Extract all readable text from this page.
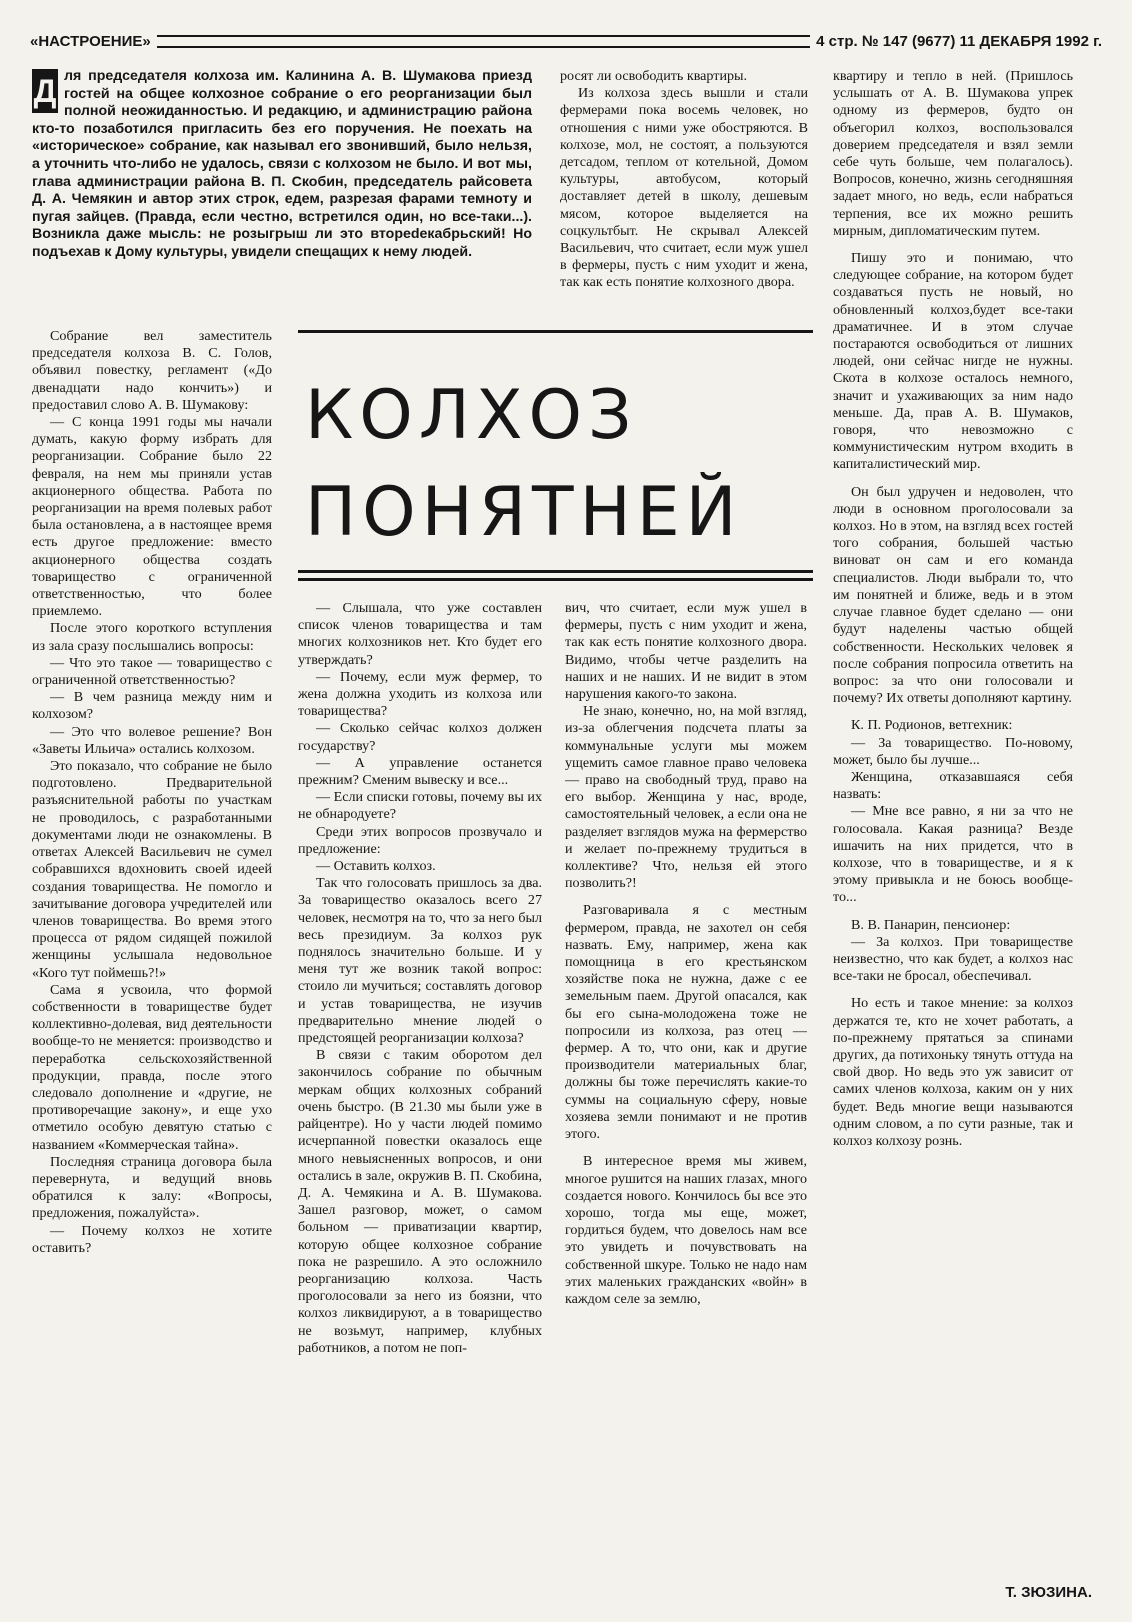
«НАСТРОЕНИЕ»	4 стр. № 147 (9677) 11 ДЕКАБРЯ 1992 г.
Д ля председателя колхоза им. Калинина А. В. Шумакова приезд гостей на общее колхозное собрание о его реорганизации был полной неожиданностью. И редакцию, и администрацию района кто-то позаботился пригласить без его поручения. Не поехать на «историческое» собрание, как называл его звонивший, было нельзя, а уточнить что-либо не удалось, связи с колхозом не было. И вот мы, глава администрации района В. П. Скобин, председатель райсовета Д. А. Чемякин и автор этих строк, едем, разрезая фарами темноту и пугая зайцев. (Правда, если честно, встретился один, но все-таки...). Возникла даже мысль: не розыгрыш ли это вторedeкабрьский! Но подъехав к Дому культуры, увидели спещащих к нему людей.

росят ли освободить квартиры.

Из колхоза здесь вышли и стали фермерами пока восемь человек, но отношения с ними уже обостряются. В колхозе, мол, не состоят, а пользуются детсадом, теплом от котельной, Домом культуры, автобусом, который доставляет детей в школу, дешевым мясом, которое выделяется на соцкультбыт. Не скрывал Алексей Васильевич, что считает, если муж ушел в фермеры, пусть с ним уходит и жена, так как есть понятие колхозного двора.

КОЛХОЗ
ПОНЯТНЕЙ

Собрание вел заместитель председателя колхоза В. С. Голов, объявил повестку, регламент («До двенадцати надо кончить») и предоставил слово А. В. Шумакову:

— С конца 1991 годы мы начали думать, какую форму избрать для реорганизации. Собрание было 22 февраля, на нем мы приняли устав акционерного общества. Работа по реорганизации на время полевых работ была остановлена, а в настоящее время есть другое предложение: вместо акционерного общества создать товарищество с ограниченной ответственностью, что более приемлемо.

После этого короткого вступления из зала сразу послышались вопросы:

— Что это такое — товарищество с ограниченной ответственностью?

— В чем разница между ним и колхозом?

— Это что волевое решение? Вон «Заветы Ильича» остались колхозом.

Это показало, что собрание не было подготовлено. Предварительной разъяснительной работы по участкам не проводилось, с разработанными документами люди не ознакомлены. В ответах Алексей Васильевич не сумел собравшихся вдохновить своей идеей создания товарищества. Не помогло и зачитывание договора учредителей или членов товарищества. Во время этого процесса от рядом сидящей пожилой женщины услышала недовольное «Кого тут поймешь?!»

Сама я усвоила, что формой собственности в товариществе будет коллективно-долевая, вид деятельности вообще-то не меняется: производство и переработка сельскохозяйственной продукции, правда, после этого следовало дополнение и «другие, не противоречащие закону», и еще ухо отметило особую девятую статью с названием «Коммерческая тайна».

Последняя страница договора была перевернута, и ведущий вновь обратился к залу: «Вопросы, предложения, пожалуйста».

— Почему колхоз не хотите оставить?

— Слышала, что уже составлен список членов товарищества и там многих колхозников нет. Кто будет его утверждать?

— Почему, если муж фермер, то жена должна уходить из колхоза или товарищества?

— Сколько сейчас колхоз должен государству?

— А управление останется прежним? Сменим вывеску и все...

— Если списки готовы, почему вы их не обнародуете?

Среди этих вопросов прозвучало и предложение:

— Оставить колхоз.

Так что голосовать пришлось за два. За товарищество оказалось всего 27 человек, несмотря на то, что за него был весь президиум. За колхоз рук поднялось значительно больше. И у меня тут же возник такой вопрос: стоило ли мучиться; составлять договор и устав товарищества, не изучив предварительно мнение людей о предстоящей реорганизации колхоза?

В связи с таким оборотом дел закончилось собрание по обычным меркам общих колхозных собраний очень быстро. (В 21.30 мы были уже в райцентре). Но у части людей помимо исчерпанной повестки оказалось еще много невыясненных вопросов, и они остались в зале, окружив В. П. Скобина, Д. А. Чемякина и А. В. Шумакова. Зашел разговор, может, о самом больном — приватизации квартир, которую общее колхозное собрание пока не разрешило. А это осложнило реорганизацию колхоза. Часть проголосовали за него из боязни, что колхоз ликвидируют, а в товарищество не возьмут, например, клубных работников, а потом не поп-

вич, что считает, если муж ушел в фермеры, пусть с ним уходит и жена, так как есть понятие колхозного двора. Видимо, чтобы четче разделить на наших и не наших. И не видит в этом нарушения какого-то закона.

Не знаю, конечно, но, на мой взгляд, из-за облегчения подсчета платы за коммунальные услуги мы можем ущемить самое главное право человека — право на свободный труд, право на его выбор. Женщина у нас, вроде, самостоятельный человек, а если она не разделяет взглядов мужа на фермерство и желает по-прежнему трудиться в коллективе? Что, нельзя ей этого позволить?!

Разговаривала я с местным фермером, правда, не захотел он себя назвать. Ему, например, жена как помощница в его крестьянском хозяйстве пока не нужна, даже с ее земельным паем. Другой опасался, как бы его сына-молодожена тоже не попросили из колхоза, раз отец — фермер. А то, что они, как и другие производители материальных благ, должны бы тоже перечислять какие-то суммы на социальную сферу, новые хозяева земли понимают и не против этого.

В интересное время мы живем, многое рушится на наших глазах, много создается нового. Кончилось бы все это хорошо, тогда мы еще, может, гордиться будем, что довелось нам все это увидеть и почувствовать на собственной шкуре. Только не надо нам этих маленьких гражданских «войн» в каждом селе за землю,

квартиру и тепло в ней. (Пришлось услышать от А. В. Шумакова упрек одному из фермеров, будто он объегорил колхоз, воспользовался доверием председателя и взял земли себе чуть больше, чем полагалось). Вопросов, конечно, жизнь сегодняшняя задает много, но ведь, если набраться терпения, все их можно решить мирным, дипломатическим путем.

Пишу это и понимаю, что следующее собрание, на котором будет создаваться пусть не новый, но обновленный колхоз,будет все-таки драматичнее. И в этом случае постараются освободиться от лишних людей, они сейчас нигде не нужны. Скота в колхозе осталось немного, значит и ухаживающих за ним надо меньше. Да, прав А. В. Шумаков, говоря, что невозможно с коммунистическим нутром входить в капиталистический мир.

Он был удручен и недоволен, что люди в основном проголосовали за колхоз. Но в этом, на взгляд всех гостей того собрания, большей частью виноват он сам и его команда специалистов. Люди выбрали то, что им понятней и ближе, ведь и в этом случае главное будет сделано — они будут наделены частью общей собственности. Нескольких человек я после собрания попросила ответить на вопрос: за что они голосовали и почему? Их ответы дополняют картину.

К. П. Родионов, ветгехник:

— За товарищество. По-новому, может, было бы лучше...

Женщина, отказавшаяся себя назвать:

— Мне все равно, я ни за что не голосовала. Какая разница? Везде ишачить на них придется, что в колхозе, что в товариществе, и я к этому привыкла и не боюсь вообще-то...

В. В. Панарин, пенсионер:

— За колхоз. При товариществе неизвестно, что как будет, а колхоз нас все-таки не бросал, обеспечивал.

Но есть и такое мнение: за колхоз держатся те, кто не хочет работать, а по-прежнему прятаться за спинами других, да потихоньку тянуть оттуда на свой двор. Но ведь это уж зависит от самих членов колхоза, каким он у них будет. Ведь многие вещи называются одним словом, а по сути разные, так и колхоз колхозу рознь.

Т. ЗЮЗИНА.
